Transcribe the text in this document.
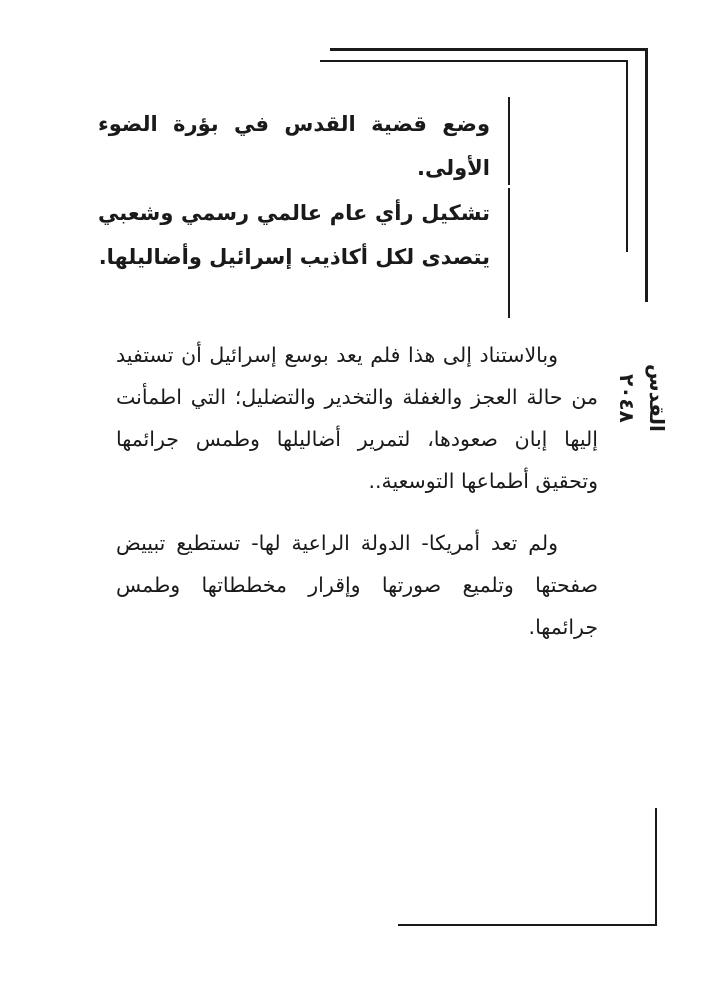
وضع قضية القدس في بؤرة الضوء الأولى.
تشكيل رأي عام عالمي رسمي وشعبي يتصدى لكل أكاذيب إسرائيل وأضاليلها.
وبالاستناد إلى هذا فلم يعد بوسع إسرائيل أن تستفيد من حالة العجز والغفلة والتخدير والتضليل؛ التي اطمأنت إليها إبان صعودها، لتمرير أضاليلها وطمس جرائمها وتحقيق أطماعها التوسعية..
ولم تعد أمريكا- الدولة الراعية لها- تستطيع تبييض صفحتها وتلميع صورتها وإقرار مخططاتها وطمس جرائمها.
القدس
٢٠٤٨
